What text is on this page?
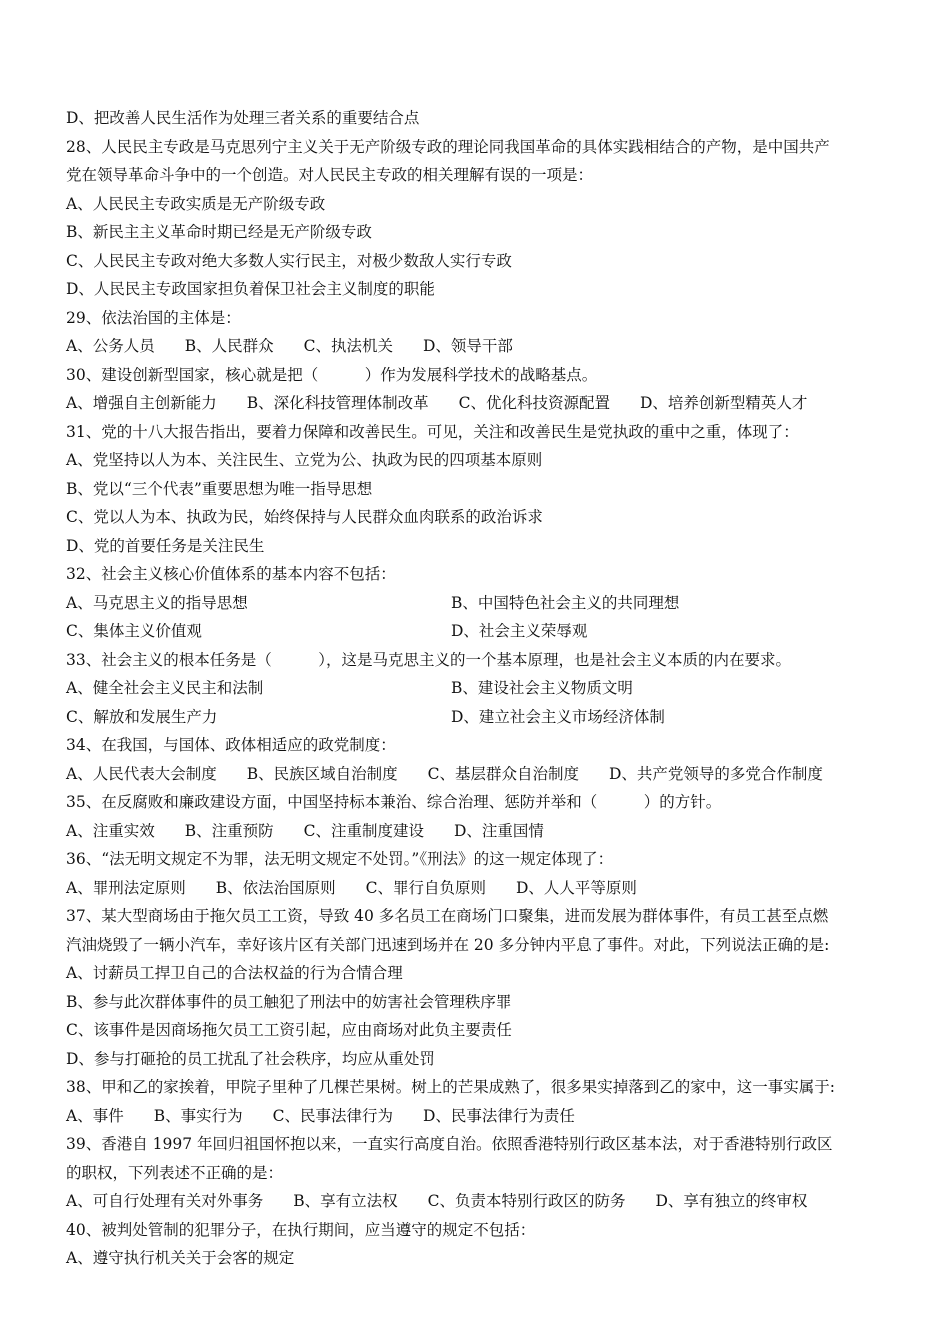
D、把改善人民生活作为处理三者关系的重要结合点
28、人民民主专政是马克思列宁主义关于无产阶级专政的理论同我国革命的具体实践相结合的产物，是中国共产
党在领导革命斗争中的一个创造。对人民民主专政的相关理解有误的一项是：
A、人民民主专政实质是无产阶级专政
B、新民主主义革命时期已经是无产阶级专政
C、人民民主专政对绝大多数人实行民主，对极少数敌人实行专政
D、人民民主专政国家担负着保卫社会主义制度的职能
29、依法治国的主体是：
A、公务人员 B、人民群众 C、执法机关 D、领导干部
30、建设创新型国家，核心就是把（　　　）作为发展科学技术的战略基点。
A、增强自主创新能力 B、深化科技管理体制改革 C、优化科技资源配置 D、培养创新型精英人才
31、党的十八大报告指出，要着力保障和改善民生。可见，关注和改善民生是党执政的重中之重，体现了：
A、党坚持以人为本、关注民生、立党为公、执政为民的四项基本原则
B、党以“三个代表”重要思想为唯一指导思想
C、党以人为本、执政为民，始终保持与人民群众血肉联系的政治诉求
D、党的首要任务是关注民生
32、社会主义核心价值体系的基本内容不包括：
A、马克思主义的指导思想	B、中国特色社会主义的共同理想
C、集体主义价值观	D、社会主义荣辱观
33、社会主义的根本任务是（　　　），这是马克思主义的一个基本原理，也是社会主义本质的内在要求。
A、健全社会主义民主和法制	B、建设社会主义物质文明
C、解放和发展生产力	D、建立社会主义市场经济体制
34、在我国，与国体、政体相适应的政党制度：
A、人民代表大会制度 B、民族区域自治制度 C、基层群众自治制度 D、共产党领导的多党合作制度
35、在反腐败和廉政建设方面，中国坚持标本兼治、综合治理、惩防并举和（　　　）的方针。
A、注重实效 B、注重预防 C、注重制度建设 D、注重国情
36、“法无明文规定不为罪，法无明文规定不处罚。”《刑法》的这一规定体现了：
A、罪刑法定原则 B、依法治国原则 C、罪行自负原则 D、人人平等原则
37、某大型商场由于拖欠员工工资，导致 40 多名员工在商场门口聚集，进而发展为群体事件，有员工甚至点燃
汽油烧毁了一辆小汽车，幸好该片区有关部门迅速到场并在 20 多分钟内平息了事件。对此，下列说法正确的是:
A、讨薪员工捍卫自己的合法权益的行为合情合理
B、参与此次群体事件的员工触犯了刑法中的妨害社会管理秩序罪
C、该事件是因商场拖欠员工工资引起，应由商场对此负主要责任
D、参与打砸抢的员工扰乱了社会秩序，均应从重处罚
38、甲和乙的家挨着，甲院子里种了几棵芒果树。树上的芒果成熟了，很多果实掉落到乙的家中，这一事实属于:
A、事件 B、事实行为 C、民事法律行为 D、民事法律行为责任
39、香港自 1997 年回归祖国怀抱以来，一直实行高度自治。依照香港特别行政区基本法，对于香港特别行政区
的职权，下列表述不正确的是：
A、可自行处理有关对外事务 B、享有立法权 C、负责本特别行政区的防务 D、享有独立的终审权
40、被判处管制的犯罪分子，在执行期间，应当遵守的规定不包括：
A、遵守执行机关关于会客的规定
